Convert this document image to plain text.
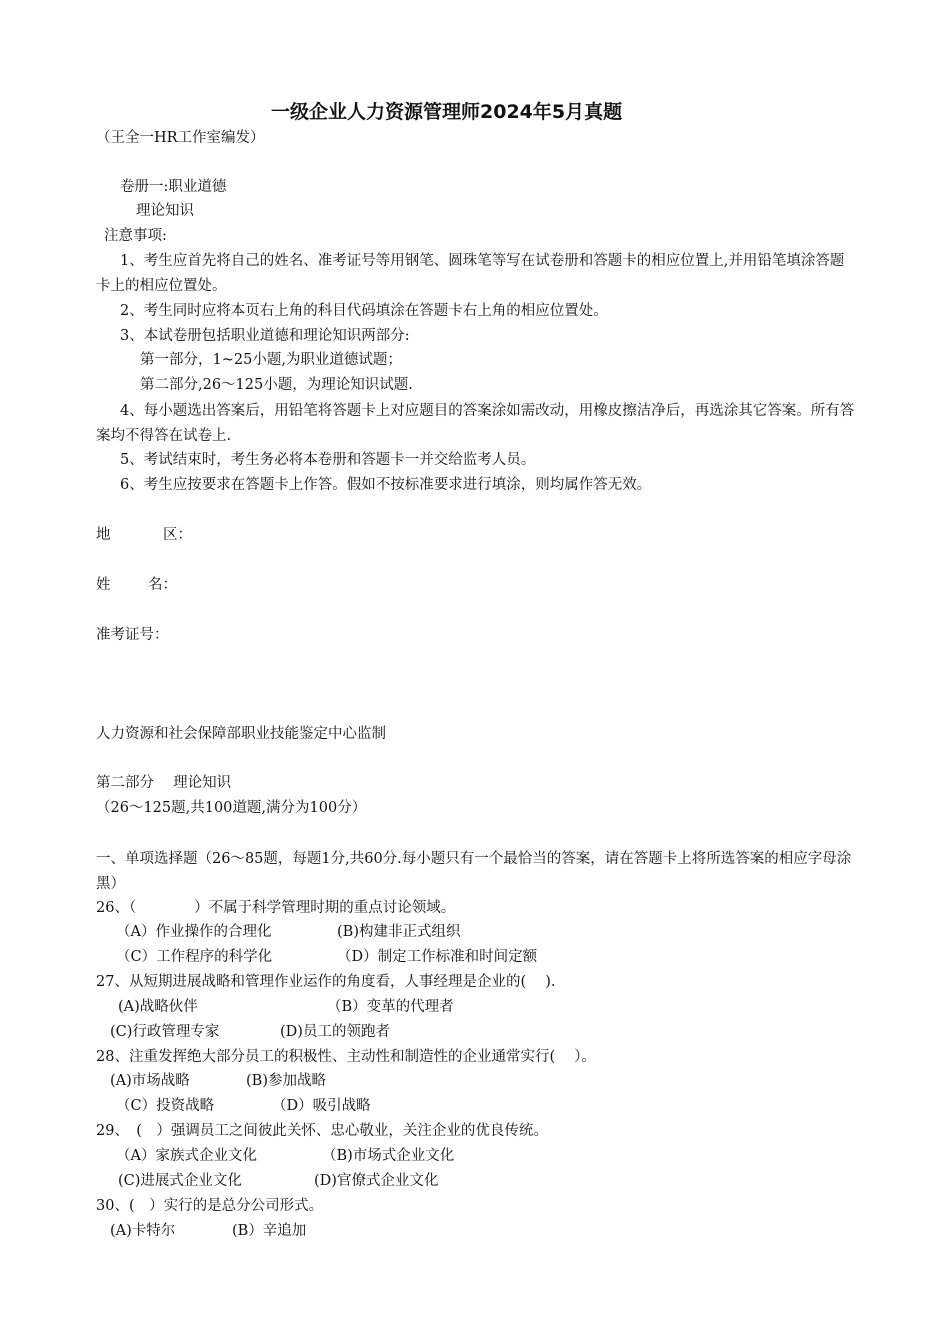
一级企业人力资源管理师2024年5月真题
（王全一HR工作室编发）
卷册一:职业道德
理论知识
注意事项:
1、考生应首先将自己的姓名、准考证号等用钢笔、圆珠笔等写在试卷册和答题卡的相应位置上,并用铅笔填涂答题卡上的相应位置处。
2、考生同时应将本页右上角的科目代码填涂在答题卡右上角的相应位置处。
3、本试卷册包括职业道德和理论知识两部分:
第一部分，1~25小题,为职业道德试题；
第二部分,26～125小题，为理论知识试题.
4、每小题选出答案后，用铅笔将答题卡上对应题目的答案涂如需改动，用橡皮擦洁净后，再选涂其它答案。所有答案均不得答在试卷上.
5、考试结束时，考生务必将本卷册和答题卡一并交给监考人员。
6、考生应按要求在答题卡上作答。假如不按标准要求进行填涂，则均属作答无效。
地	区：
姓	名：
准考证号：
人力资源和社会保障部职业技能鉴定中心监制
第二部分　 理论知识
（26～125题,共100道题,满分为100分）
一、单项选择题（26～85题，每题1分,共60分.每小题只有一个最恰当的答案，请在答题卡上将所选答案的相应字母涂黑）
26、（　　　　）不属于科学管理时期的重点讨论领域。
（A）作业操作的合理化	(B)构建非正式组织
（C）工作程序的科学化	（D）制定工作标准和时间定额
27、从短期进展战略和管理作业运作的角度看，人事经理是企业的(　 ).
(A)战略伙伴	（B）变革的代理者
(C)行政管理专家	(D)员工的领跑者
28、注重发挥绝大部分员工的积极性、主动性和制造性的企业通常实行(　 ）。
(A)市场战略	(B)参加战略
（C）投资战略	（D）吸引战略
29、　(　）强调员工之间彼此关怀、忠心敬业，关注企业的优良传统。
（A）家族式企业文化	（B)市场式企业文化
(C)进展式企业文化	(D)官僚式企业文化
30、(　）实行的是总分公司形式。
(A)卡特尔	(B）辛追加
